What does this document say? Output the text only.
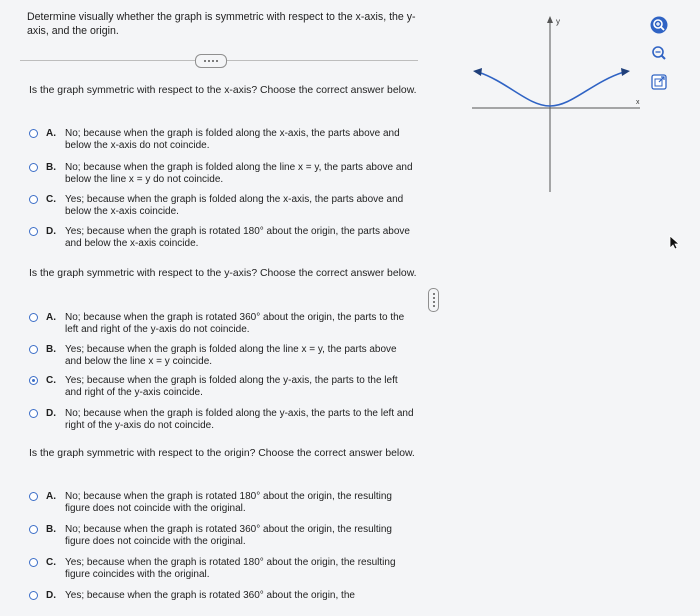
Determine visually whether the graph is symmetric with respect to the x-axis, the y-axis, and the origin.
Is the graph symmetric with respect to the x-axis? Choose the correct answer below.
A. No; because when the graph is folded along the x-axis, the parts above and below the x-axis do not coincide.
B. No; because when the graph is folded along the line x = y, the parts above and below the line x = y do not coincide.
C. Yes; because when the graph is folded along the x-axis, the parts above and below the x-axis coincide.
D. Yes; because when the graph is rotated 180° about the origin, the parts above and below the x-axis coincide.
Is the graph symmetric with respect to the y-axis? Choose the correct answer below.
A. No; because when the graph is rotated 360° about the origin, the parts to the left and right of the y-axis do not coincide.
B. Yes; because when the graph is folded along the line x = y, the parts above and below the line x = y coincide.
C. Yes; because when the graph is folded along the y-axis, the parts to the left and right of the y-axis coincide.
D. No; because when the graph is folded along the y-axis, the parts to the left and right of the y-axis do not coincide.
Is the graph symmetric with respect to the origin? Choose the correct answer below.
A. No; because when the graph is rotated 180° about the origin, the resulting figure does not coincide with the original.
B. No; because when the graph is rotated 360° about the origin, the resulting figure does not coincide with the original.
C. Yes; because when the graph is rotated 180° about the origin, the resulting figure coincides with the original.
D. Yes; because when the graph is rotated 360° about the origin, the
y
x
